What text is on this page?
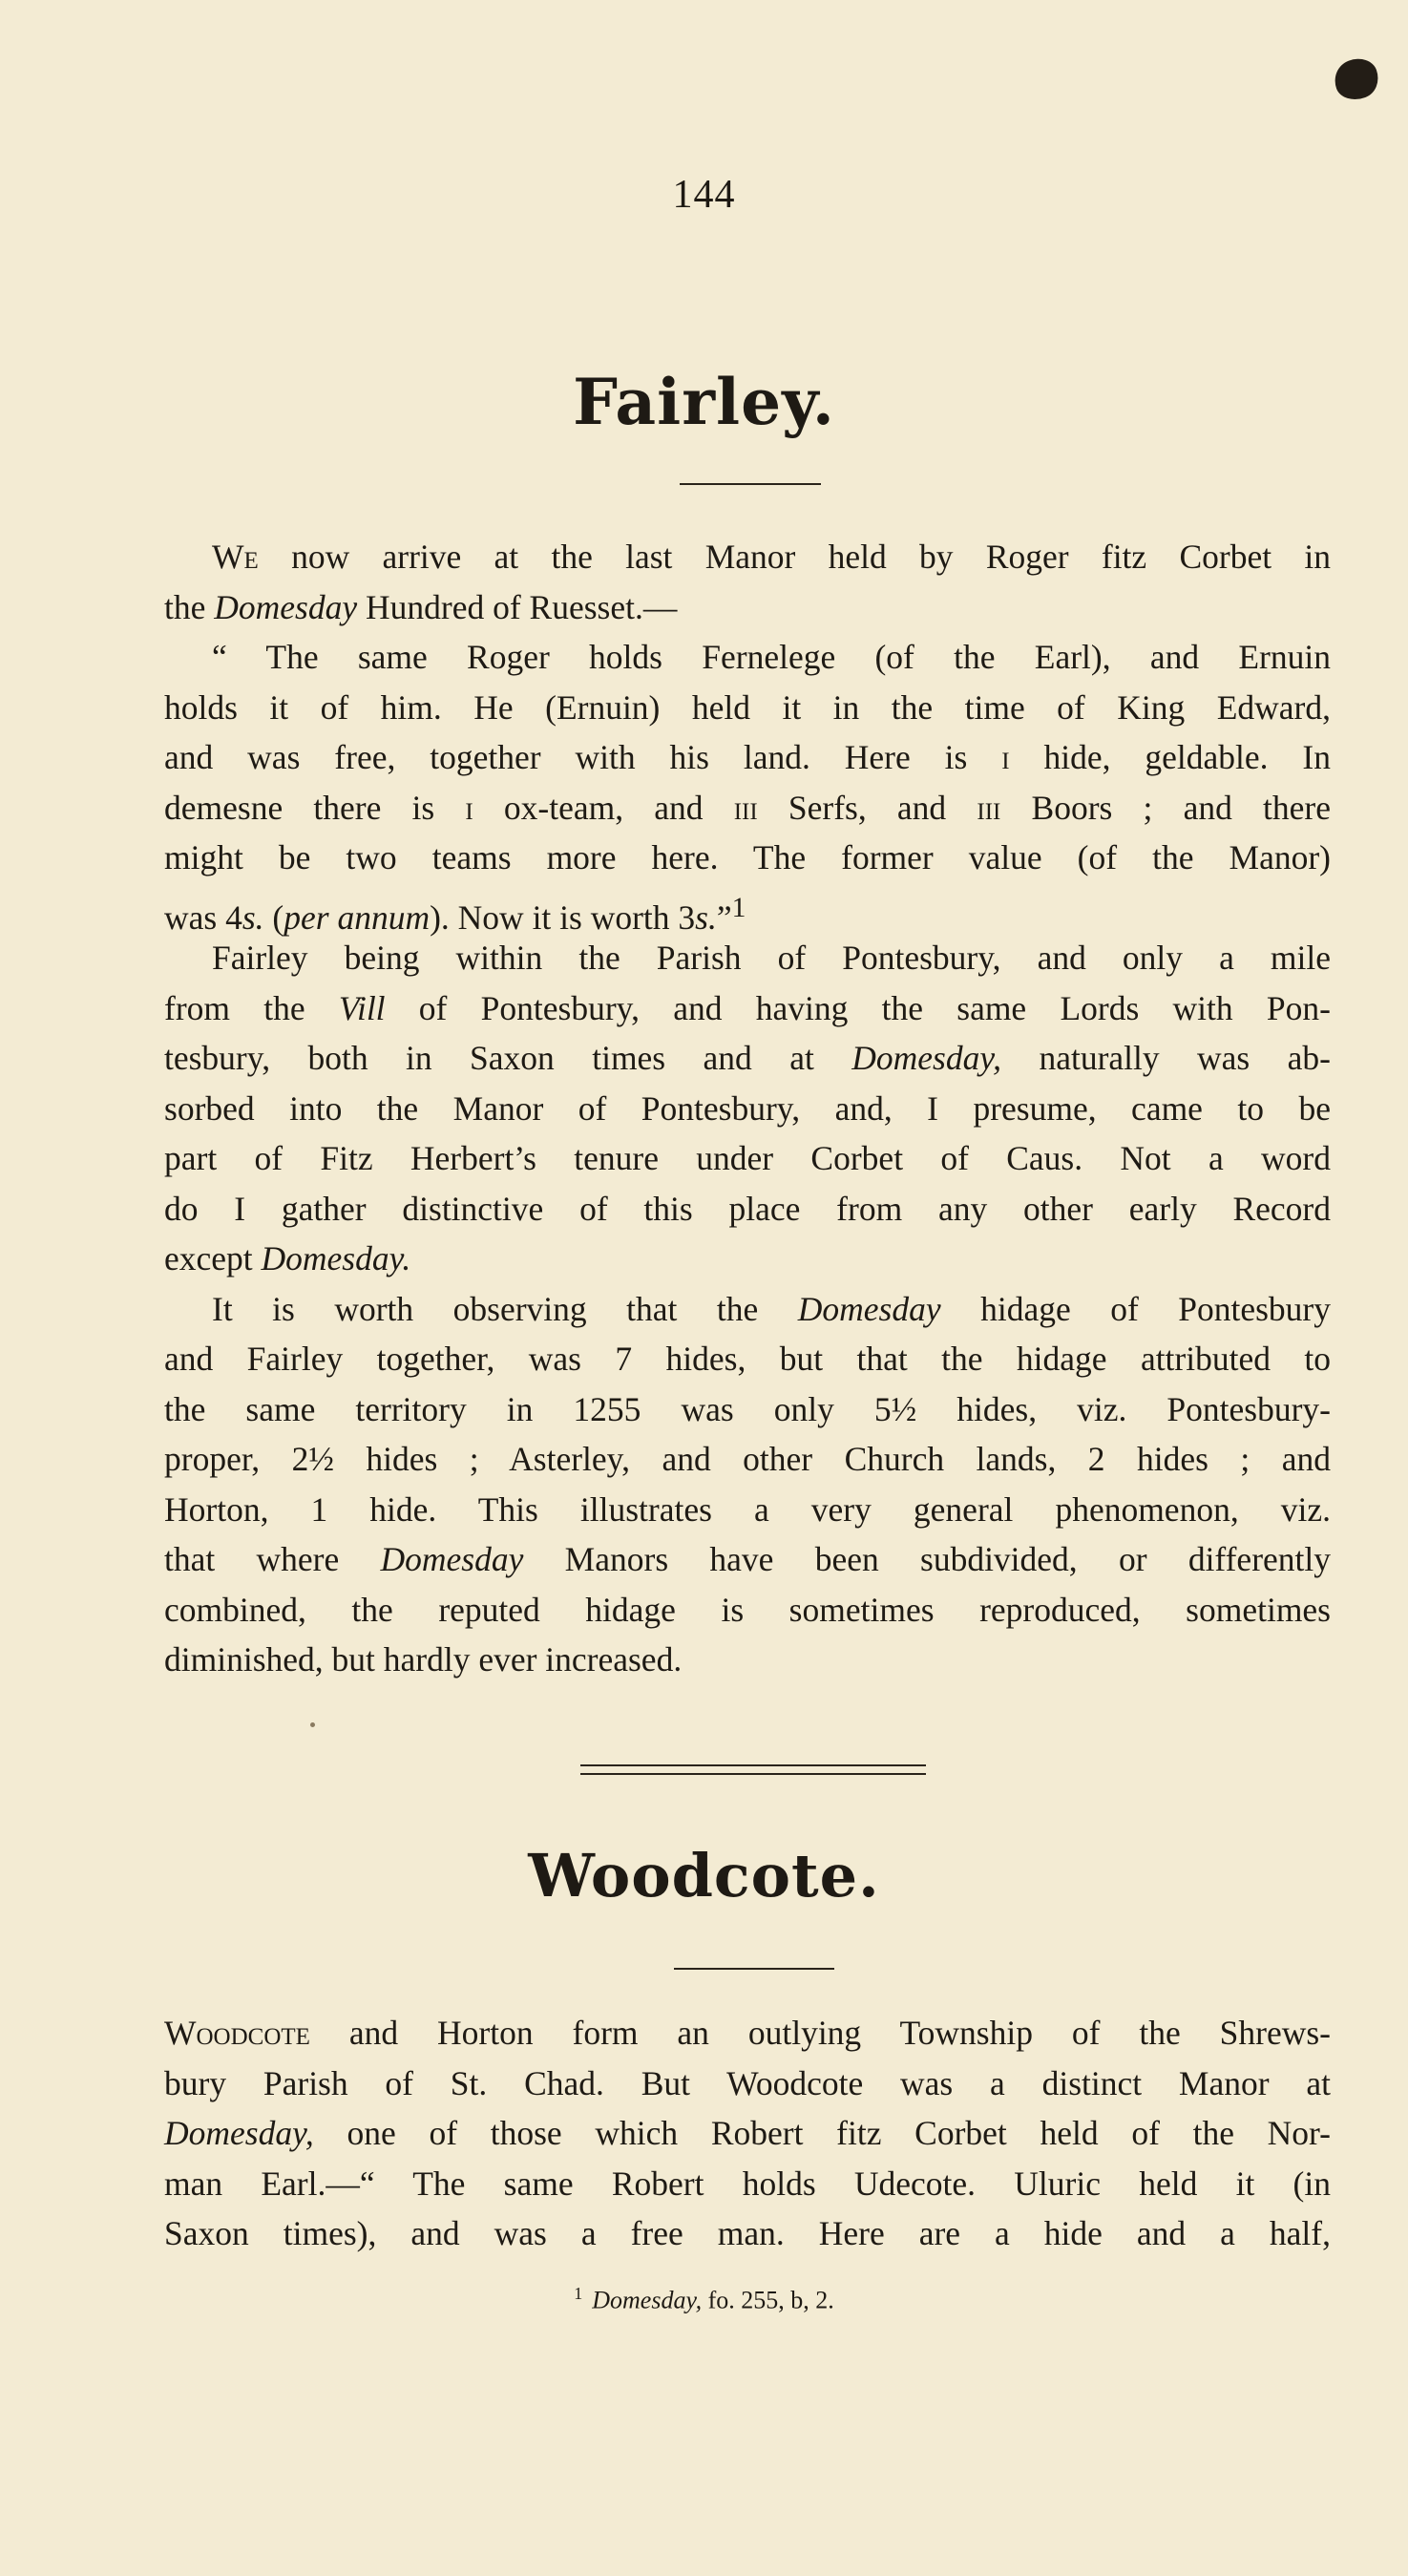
144
Fairley.
We now arrive at the last Manor held by Roger fitz Corbet in
the Domesday Hundred of Ruesset.—
“ The same Roger holds Fernelege (of the Earl), and Ernuin
holds it of him. He (Ernuin) held it in the time of King Edward,
and was free, together with his land. Here is i hide, geldable. In
demesne there is i ox-team, and iii Serfs, and iii Boors ; and there
might be two teams more here. The former value (of the Manor)
was 4s. (per annum). Now it is worth 3s.”$^1$
Fairley being within the Parish of Pontesbury, and only a mile
from the Vill of Pontesbury, and having the same Lords with Pon-
tesbury, both in Saxon times and at Domesday, naturally was ab-
sorbed into the Manor of Pontesbury, and, I presume, came to be
part of Fitz Herbert’s tenure under Corbet of Caus. Not a word
do I gather distinctive of this place from any other early Record
except Domesday.
It is worth observing that the Domesday hidage of Pontesbury
and Fairley together, was 7 hides, but that the hidage attributed to
the same territory in 1255 was only 5½ hides, viz. Pontesbury-
proper, 2½ hides ; Asterley, and other Church lands, 2 hides ; and
Horton, 1 hide. This illustrates a very general phenomenon, viz.
that where Domesday Manors have been subdivided, or differently
combined, the reputed hidage is sometimes reproduced, sometimes
diminished, but hardly ever increased.
Woodcote.
Woodcote and Horton form an outlying Township of the Shrews-
bury Parish of St. Chad. But Woodcote was a distinct Manor at
Domesday, one of those which Robert fitz Corbet held of the Nor-
man Earl.—“ The same Robert holds Udecote. Uluric held it (in
Saxon times), and was a free man. Here are a hide and a half,
$^1$ Domesday, fo. 255, b, 2.
